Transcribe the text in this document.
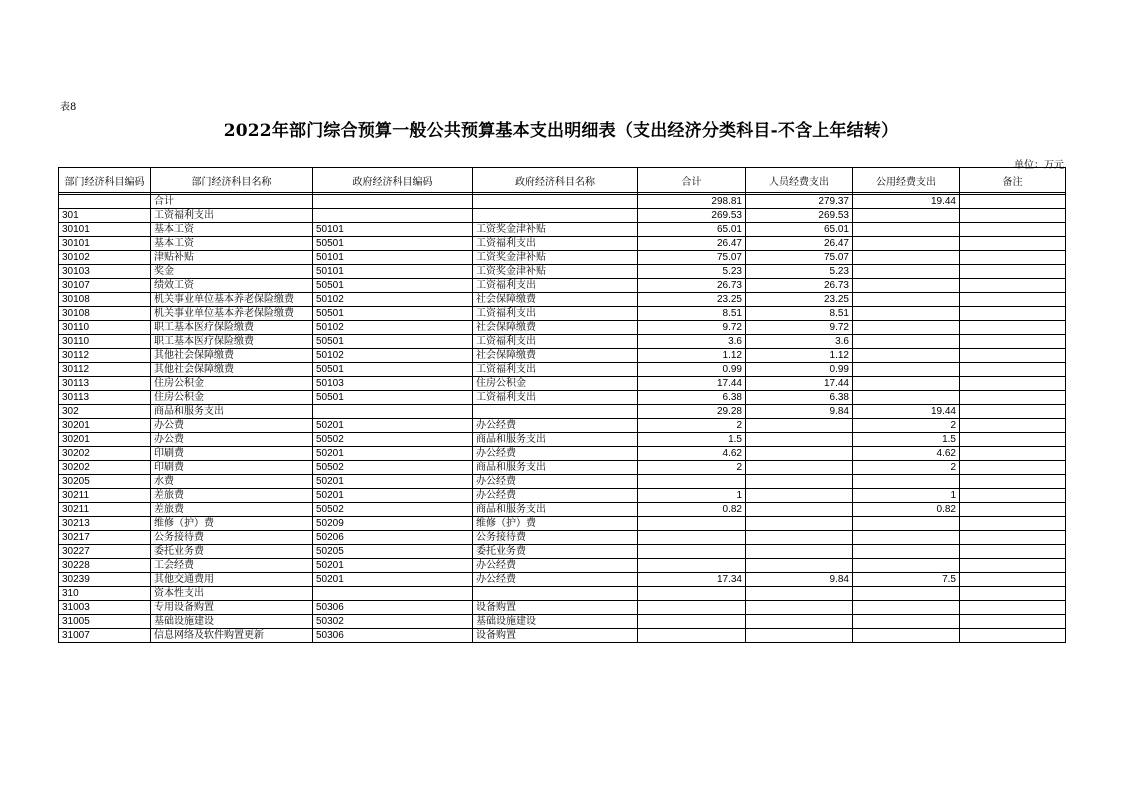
表8
2022年部门综合预算一般公共预算基本支出明细表（支出经济分类科目-不含上年结转）
单位：万元
部门经济科目编码	部门经济科目名称	政府经济科目编码	政府经济科目名称	合计	人员经费支出	公用经费支出	备注

	合计			298.81	279.37	19.44	
301	工资福利支出			269.53	269.53		
30101	基本工资	50101	工资奖金津补贴	65.01	65.01		
30101	基本工资	50501	工资福利支出	26.47	26.47		
30102	津贴补贴	50101	工资奖金津补贴	75.07	75.07		
30103	奖金	50101	工资奖金津补贴	5.23	5.23		
30107	绩效工资	50501	工资福利支出	26.73	26.73		
30108	机关事业单位基本养老保险缴费	50102	社会保障缴费	23.25	23.25		
30108	机关事业单位基本养老保险缴费	50501	工资福利支出	8.51	8.51		
30110	职工基本医疗保险缴费	50102	社会保障缴费	9.72	9.72		
30110	职工基本医疗保险缴费	50501	工资福利支出	3.6	3.6		
30112	其他社会保障缴费	50102	社会保障缴费	1.12	1.12		
30112	其他社会保障缴费	50501	工资福利支出	0.99	0.99		
30113	住房公积金	50103	住房公积金	17.44	17.44		
30113	住房公积金	50501	工资福利支出	6.38	6.38		
302	商品和服务支出			29.28	9.84	19.44	
30201	办公费	50201	办公经费	2		2	
30201	办公费	50502	商品和服务支出	1.5		1.5	
30202	印刷费	50201	办公经费	4.62		4.62	
30202	印刷费	50502	商品和服务支出	2		2	
30205	水费	50201	办公经费				
30211	差旅费	50201	办公经费	1		1	
30211	差旅费	50502	商品和服务支出	0.82		0.82	
30213	维修（护）费	50209	维修（护）费				
30217	公务接待费	50206	公务接待费				
30227	委托业务费	50205	委托业务费				
30228	工会经费	50201	办公经费				
30239	其他交通费用	50201	办公经费	17.34	9.84	7.5	
310	资本性支出						
31003	专用设备购置	50306	设备购置				
31005	基础设施建设	50302	基础设施建设				
31007	信息网络及软件购置更新	50306	设备购置				
